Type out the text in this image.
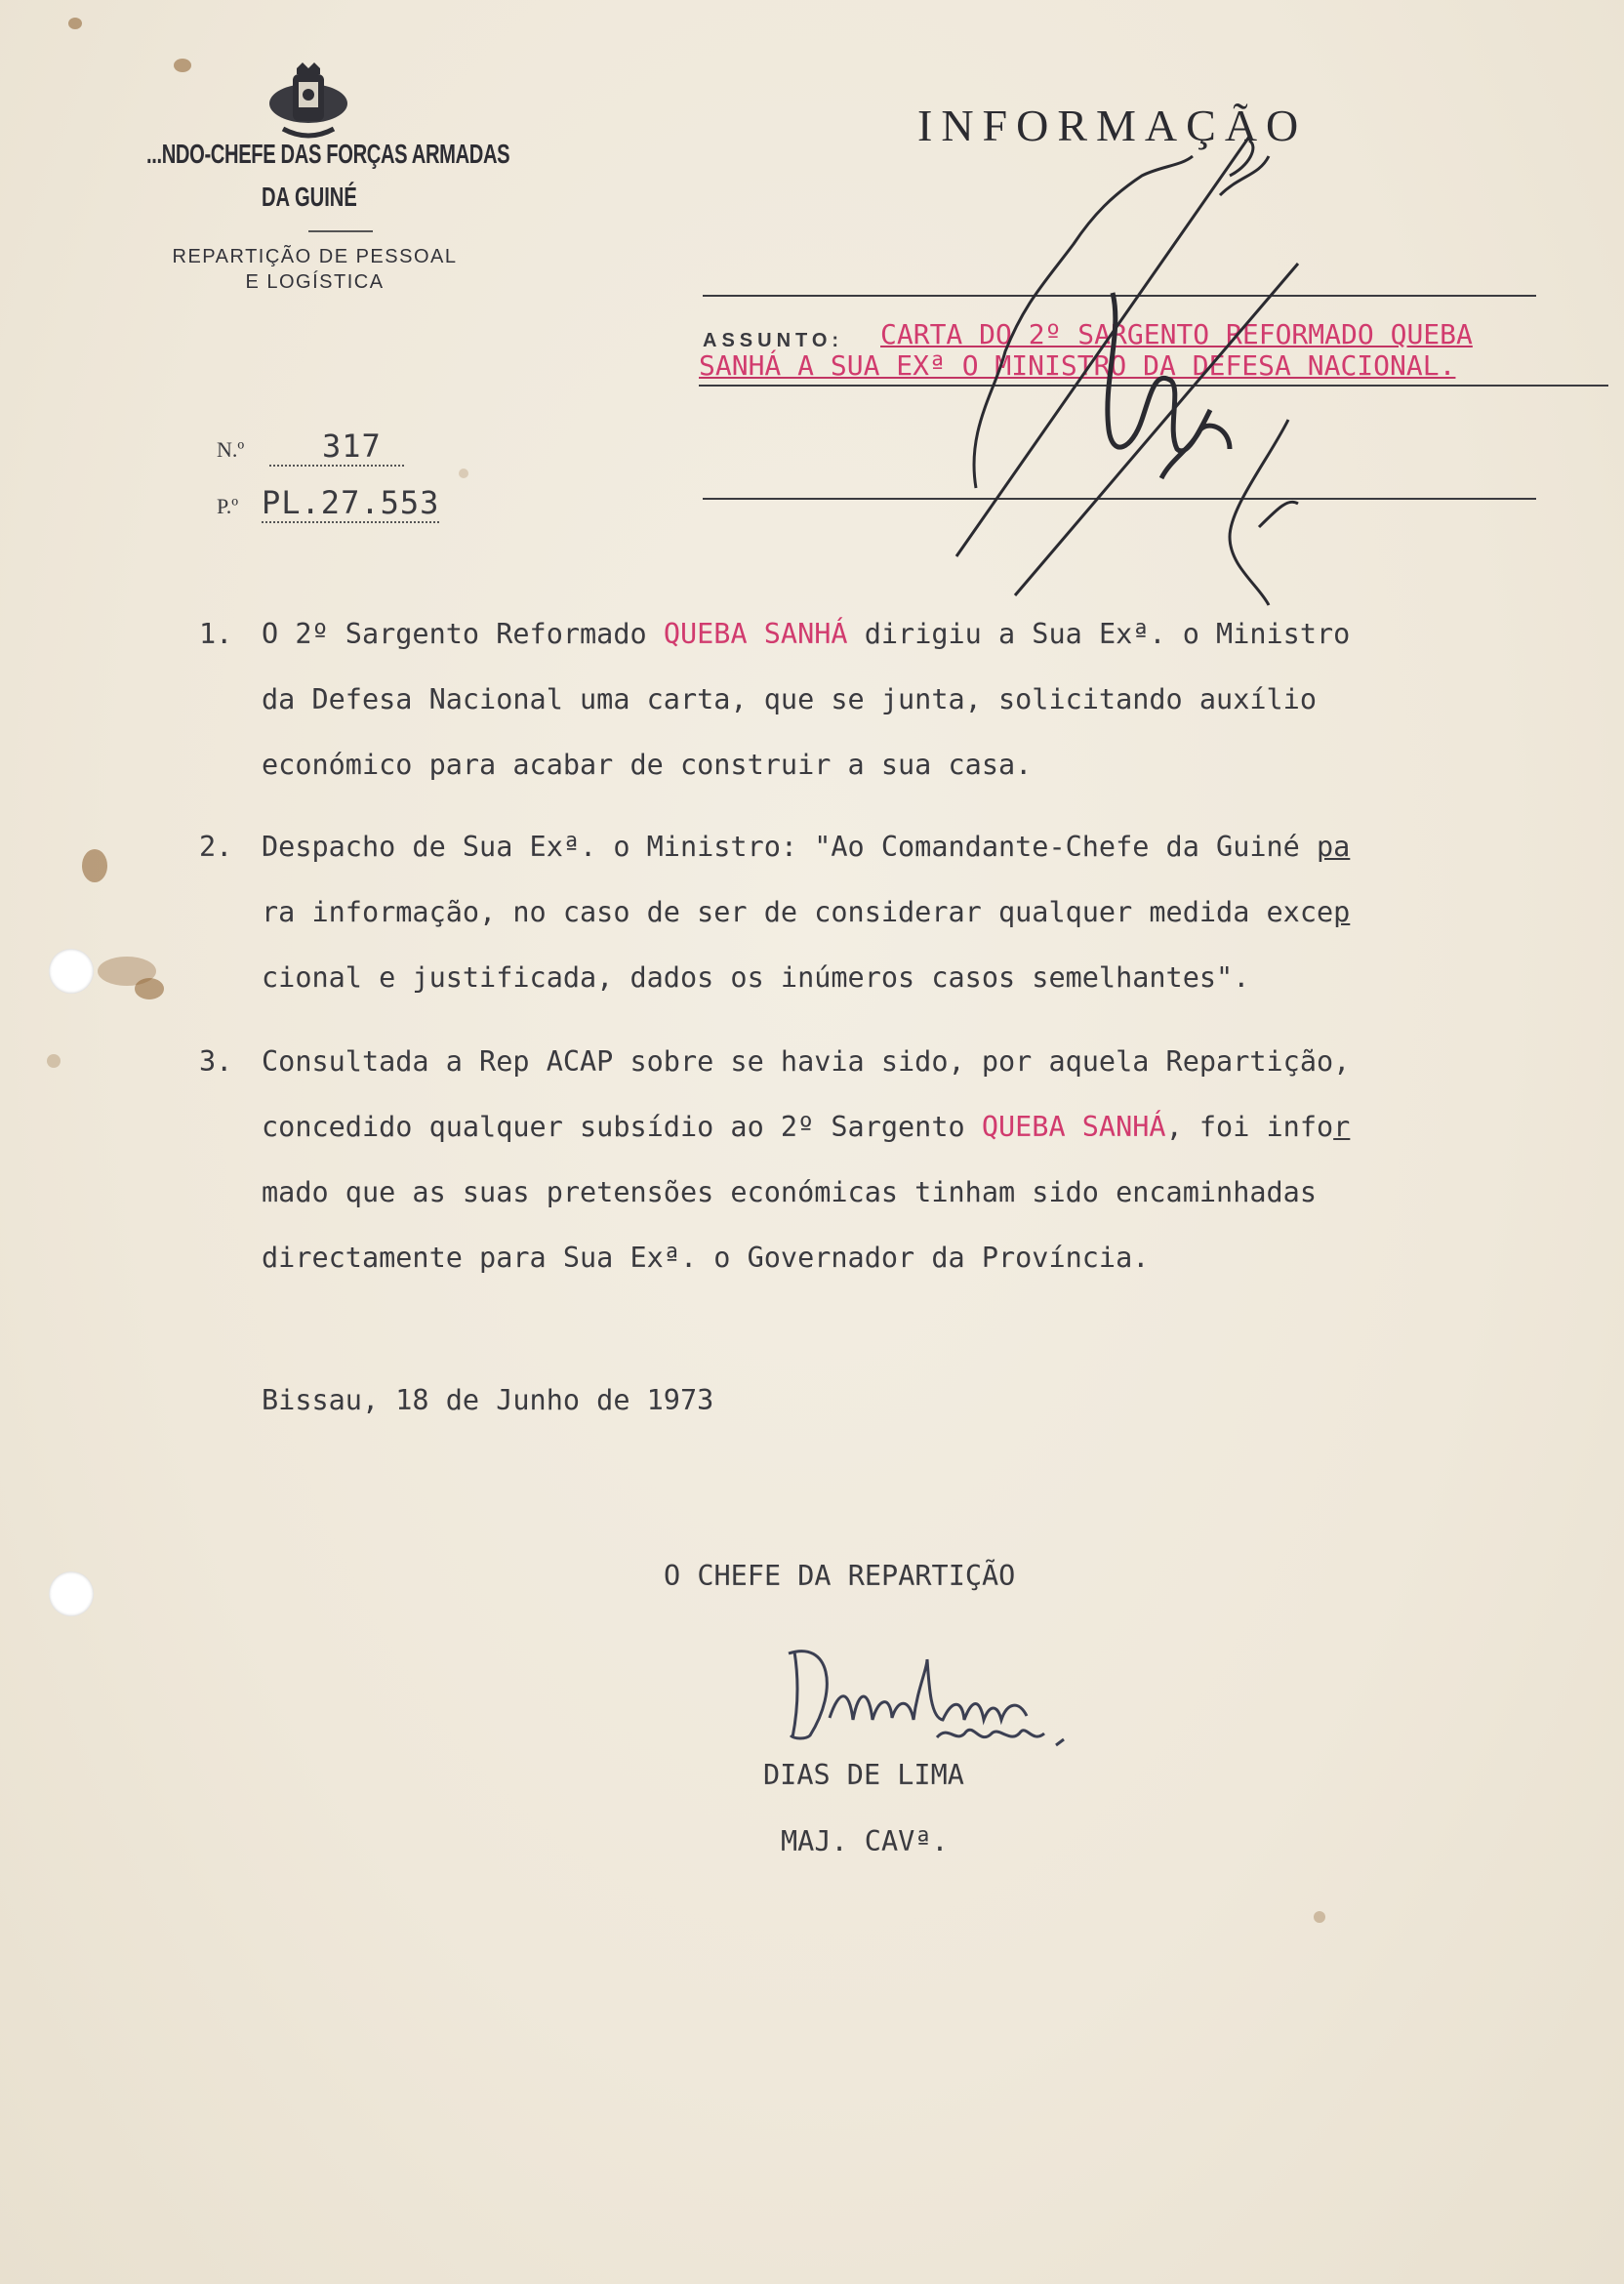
...NDO-CHEFE DAS FORÇAS ARMADAS
DA GUINÉ
REPARTIÇÃO DE PESSOAL
E LOGÍSTICA
INFORMAÇÃO
ASSUNTO: CARTA DO 2º SARGENTO REFORMADO QUEBA
SANHÁ A SUA EXª O MINISTRO DA DEFESA NACIONAL.
N.º	317
P.º PL.27.553
1. O 2º Sargento Reformado QUEBA SANHÁ dirigiu a Sua Exª. o Ministro
da Defesa Nacional uma carta, que se junta, solicitando auxílio
económico para acabar de construir a sua casa.
2. Despacho de Sua Exª. o Ministro: "Ao Comandante-Chefe da Guiné pa
ra informação, no caso de ser de considerar qualquer medida excep
cional e justificada, dados os inúmeros casos semelhantes".
3. Consultada a Rep ACAP sobre se havia sido, por aquela Repartição,
concedido qualquer subsídio ao 2º Sargento QUEBA SANHÁ, foi infor
mado que as suas pretensões económicas tinham sido encaminhadas
directamente para Sua Exª. o Governador da Província.
Bissau, 18 de Junho de 1973
O CHEFE DA REPARTIÇÃO
DIAS DE LIMA
MAJ. CAVª.
